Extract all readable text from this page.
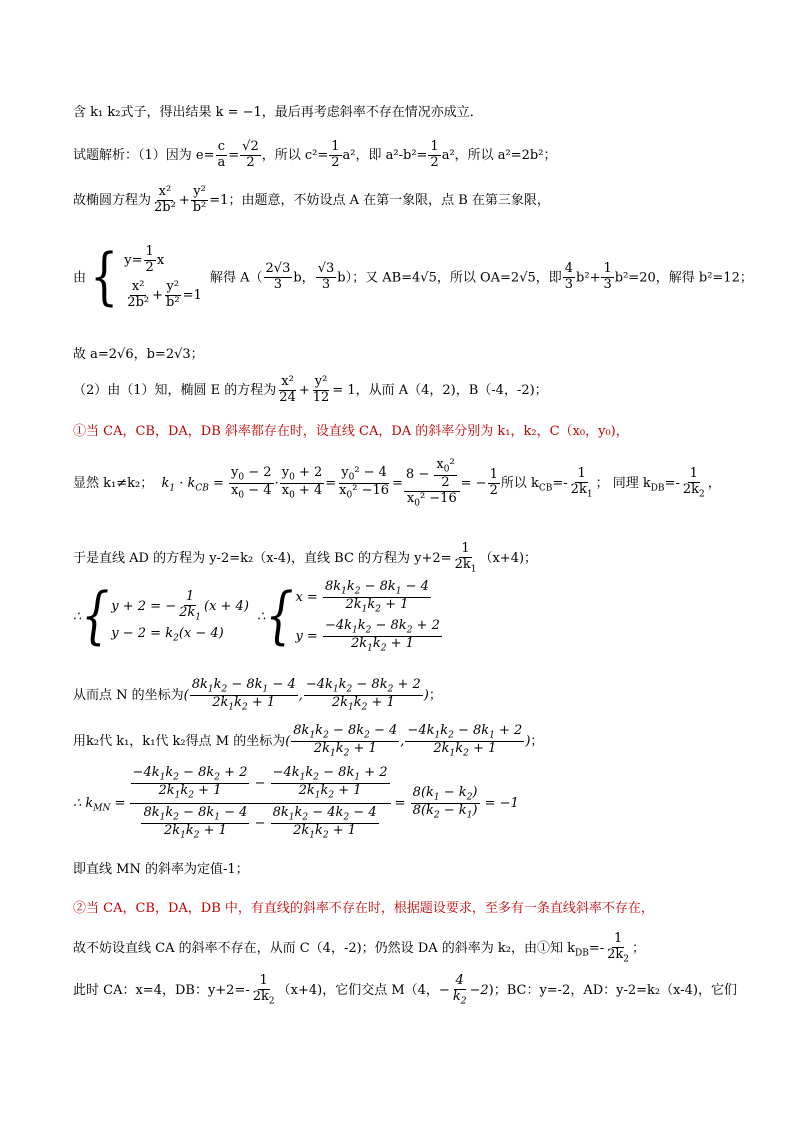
含 k₁ k₂式子，得出结果 k = −1，最后再考虑斜率不存在情况亦成立．
试题解析：（1）因为 $e= \frac{c}{a} = \frac{√2}{2}$ ，所以 $c^2= \frac{1}{2} a^2$，即 $a^2-b^2= \frac{1}{2} a^2$，所以 a²=2b²；
故椭圆方程为 $\frac{\text{x²}}{\text{2b²}} + \frac{\text{y²}}{\text{b²}} =1$；由题意，不妨设点 A 在第一象限，点 B 在第三象限，
由 { $y= \frac{1}{2}$ x
$\frac{\text{x²}}{\text{2b²}} + \frac{\text{y²}}{\text{b²}} =1$
解得 $A( \frac{2√3}{3}$ b， $\frac{√3}{3} b$）；又 AB=4√5，所以 OA=2√5，即 $\frac{4}{3} b^2+ \frac{1}{3} b^2=20$，解得 b²=12；
故 a=2√6，b=2√3；
（2）由（1）知，椭圆 E 的方程为 $\frac{\text{x²}}{24} + \frac{\text{y²}}{12} = 1$，从而 A（4，2)，B（-4，-2)；
①当 CA，CB，DA，DB 斜率都存在时，设直线 CA，DA 的斜率分别为 k₁，k₂，C（x₀，y₀)，
显然 k₁≠k₂； $k_1 \cdot k_{CB} = \frac{y_0 - 2}{x_0 - 4} \cdot \frac{y_0 + 2}{x_0 + 4} = \frac{y_0^2 - 4}{x_0^2 -16} = \frac{8 - \frac{x_0^2}{2}}{x_0^2 -16}$ = − $\frac{1}{2}$ 所以 $k_{CB}=- \frac{1}{2k_1}$ ； 同理 $k_{DB}=- \frac{1}{2k_2}$ ，
于是直线 AD 的方程为 y-2=k₂（x-4)，直线 BC 的方程为 $y+2= \frac{1}{2k_1} (x+4)$；
∴{ y + 2 = − $\frac{1}{2k_1} (x + 4)$
$y - 2 = k_2(x - 4)$
∴{ $x = \frac{8k_1k_2 - 8k_1 - 4}{2k_1k_2 + 1}$
$y = \frac{-4k_1k_2 - 8k_2 + 2}{2k_1k_2 + 1}$
从而点 N 的坐标为( $\frac{8k_1k_2 - 8k_1 - 4}{2k_1k_2 + 1}$ , $\frac{-4k_1k_2 - 8k_2 + 2}{2k_1k_2 + 1}$ )；
用k₂代 k₁，k₁代 k₂得点 M 的坐标为( $\frac{8k_1k_2 - 8k_2 - 4}{2k_1k_2 + 1}$ , $\frac{-4k_1k_2 - 8k_1 + 2}{2k_1k_2 + 1}$ )；
∴ $k_{MN} = \frac{\frac{-4k_1k_2 - 8k_2 + 2}{2k_1k_2 + 1} - \frac{-4k_1k_2 - 8k_1 + 2}{2k_1k_2 + 1}}{\frac{8k_1k_2 - 8k_1 - 4}{2k_1k_2 + 1} - \frac{8k_1k_2 - 4k_2 - 4}{2k_1k_2 + 1}} = \frac{8(k_1 - k_2)}{8(k_2 - k_1)} = -1$
即直线 MN 的斜率为定值-1；
②当 CA，CB，DA，DB 中，有直线的斜率不存在时，根据题设要求，至多有一条直线斜率不存在，
故不妨设直线 CA 的斜率不存在，从而 C（4，-2)；仍然设 DA 的斜率为 k₂，由①知 $k_{DB}=- \frac{1}{2k_2}$ ；
此时 CA：x=4，DB：$y+2=- \frac{1}{2k_2} (x+4)$，它们交点 M（4，− $\frac{4}{k_2} -2$)；BC：y=-2，AD：y-2=k₂（x-4)，它们
